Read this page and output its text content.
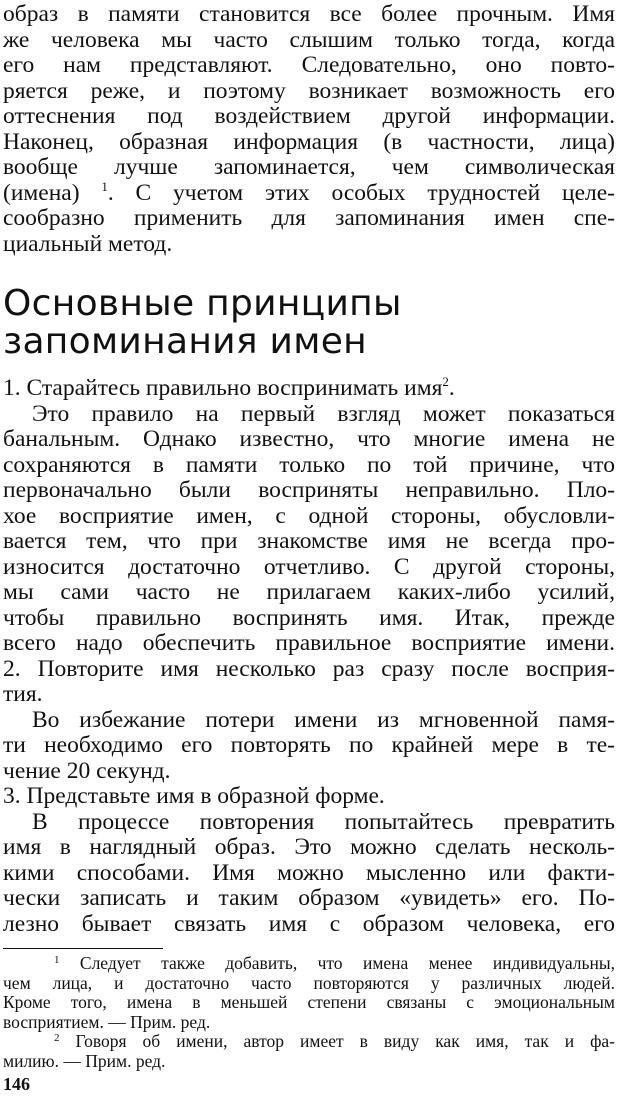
образ в памяти становится все более прочным. Имя
же человека мы часто слышим только тогда, когда
его нам представляют. Следовательно, оно повто-
ряется реже, и поэтому возникает возможность его
оттеснения под воздействием другой информации.
Наконец, образная информация (в частности, лица)
вообще лучше запоминается, чем символическая
(имена) $^1$. С учетом этих особых трудностей целе-
сообразно применить для запоминания имен спе-
циальный метод.
Основные принципы
запоминания имен
1. Старайтесь правильно воспринимать имя$^2$.
Это правило на первый взгляд может показаться
банальным. Однако известно, что многие имена не
сохраняются в памяти только по той причине, что
первоначально были восприняты неправильно. Пло-
хое восприятие имен, с одной стороны, обусловли-
вается тем, что при знакомстве имя не всегда про-
износится достаточно отчетливо. С другой стороны,
мы сами часто не прилагаем каких-либо усилий,
чтобы правильно воспринять имя. Итак, прежде
всего надо обеспечить правильное восприятие имени.
2. Повторите имя несколько раз сразу после восприя-
тия.
Во избежание потери имени из мгновенной памя-
ти необходимо его повторять по крайней мере в те-
чение 20 секунд.
3. Представьте имя в образной форме.
В процессе повторения попытайтесь превратить
имя в наглядный образ. Это можно сделать несколь-
кими способами. Имя можно мысленно или факти-
чески записать и таким образом «увидеть» его. По-
лезно бывает связать имя с образом человека, его
$^1$ Следует также добавить, что имена менее индивидуальны,
чем лица, и достаточно часто повторяются у различных людей.
Кроме того, имена в меньшей степени связаны с эмоциональным
восприятием. — Прим. ред.
$^2$ Говоря об имени, автор имеет в виду как имя, так и фа-
милию. — Прим. ред.
146
